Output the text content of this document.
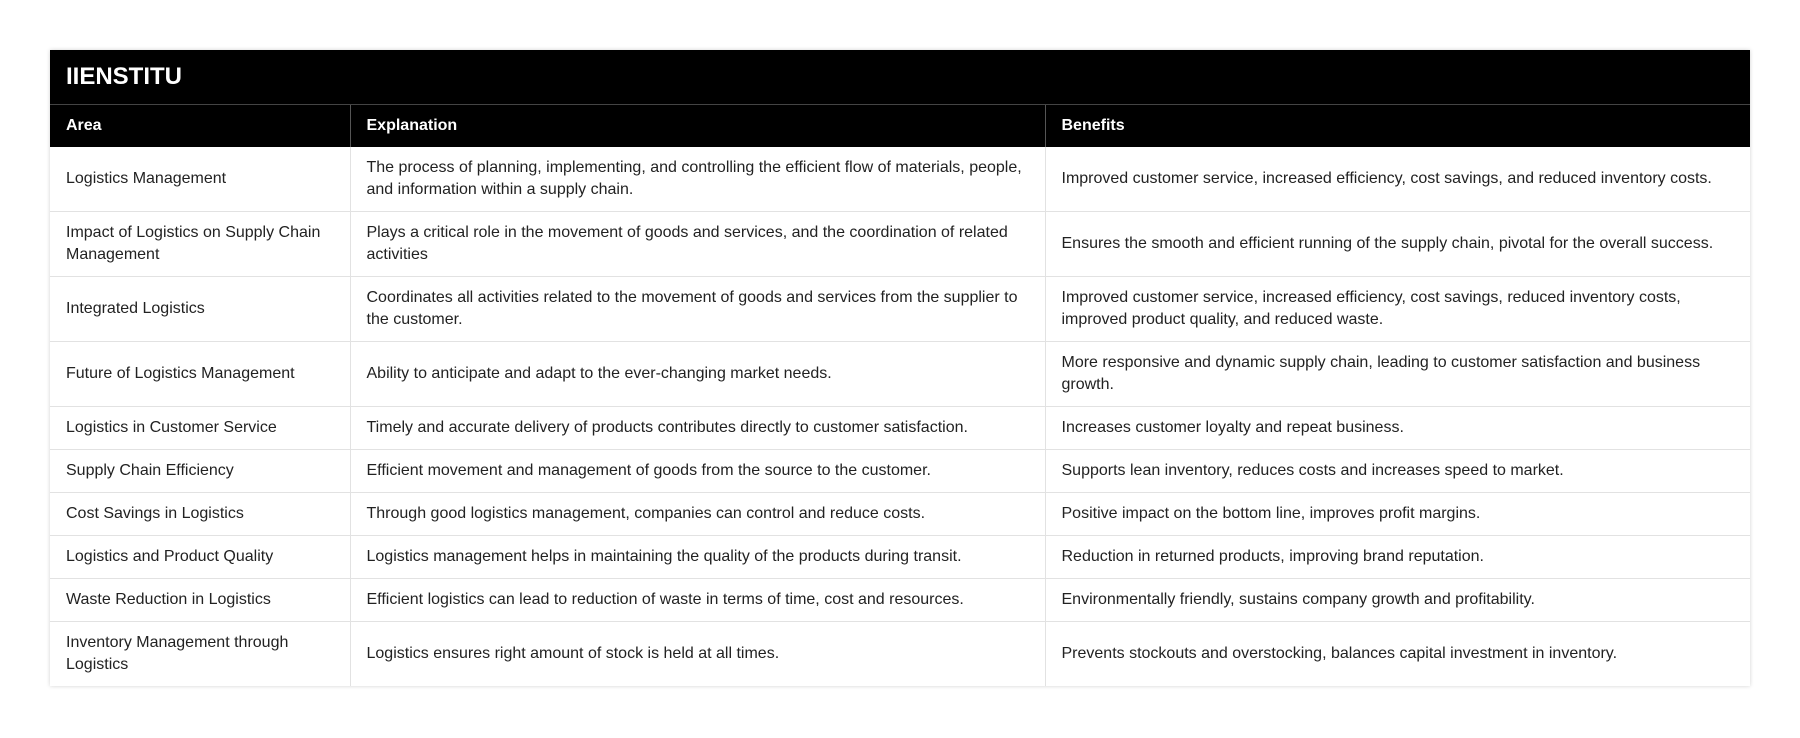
IIENSTITU
Area	Explanation	Benefits
Logistics Management	The process of planning, implementing, and controlling the efficient flow of materials, people, and information within a supply chain.	Improved customer service, increased efficiency, cost savings, and reduced inventory costs.
Impact of Logistics on Supply Chain Management	Plays a critical role in the movement of goods and services, and the coordination of related activities	Ensures the smooth and efficient running of the supply chain, pivotal for the overall success.
Integrated Logistics	Coordinates all activities related to the movement of goods and services from the supplier to the customer.	Improved customer service, increased efficiency, cost savings, reduced inventory costs, improved product quality, and reduced waste.
Future of Logistics Management	Ability to anticipate and adapt to the ever-changing market needs.	More responsive and dynamic supply chain, leading to customer satisfaction and business growth.
Logistics in Customer Service	Timely and accurate delivery of products contributes directly to customer satisfaction.	Increases customer loyalty and repeat business.
Supply Chain Efficiency	Efficient movement and management of goods from the source to the customer.	Supports lean inventory, reduces costs and increases speed to market.
Cost Savings in Logistics	Through good logistics management, companies can control and reduce costs.	Positive impact on the bottom line, improves profit margins.
Logistics and Product Quality	Logistics management helps in maintaining the quality of the products during transit.	Reduction in returned products, improving brand reputation.
Waste Reduction in Logistics	Efficient logistics can lead to reduction of waste in terms of time, cost and resources.	Environmentally friendly, sustains company growth and profitability.
Inventory Management through Logistics	Logistics ensures right amount of stock is held at all times.	Prevents stockouts and overstocking, balances capital investment in inventory.
